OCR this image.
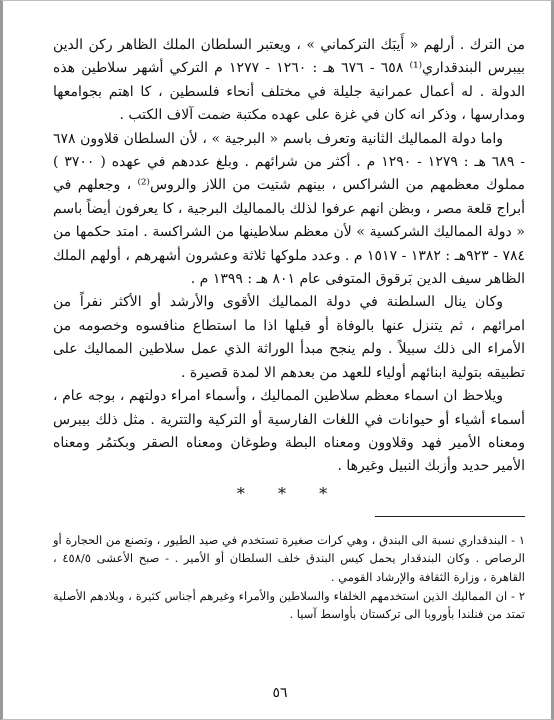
من الترك . أرلهم « أَيبَك التركماني » ، ويعتبر السلطان الملك الظاهر ركن الدين بيبرس البندقداري⁽¹⁾ ٦٥٨ - ٦٧٦ هـ : ١٢٦٠ - ١٢٧٧ م التركي أشهر سلاطين هذه الدولة . له أعمال عمرانية جليلة في مختلف أنحاء فلسطين ، كا اهتم بجوامعها ومدارسها ، وذكر انه كان في غزة على عهده مكتبة ضمت آلاف الكتب .

واما دولة المماليك الثانية وتعرف باسم « البرجية » ، لأن السلطان قلاوون ٦٧٨ - ٦٨٩ هـ : ١٢٧٩ - ١٢٩٠ م . أكثر من شرائهم . وبلغ عددهم في عهده ( ٣٧٠٠ ) مملوك معظمهم من الشراكس ، بينهم شتيت من اللاز والروس⁽²⁾ ، وجعلهم في أبراج قلعة مصر ، وبظن انهم عرفوا لذلك بالمماليك البرجية ، كا يعرفون أيضاً باسم « دولة المماليك الشركسية » لأن معظم سلاطينها من الشراكسة . امتد حكمها من ٧٨٤ - ٩٢٣هـ : ١٣٨٢ - ١٥١٧ م . وعدد ملوكها ثلاثة وعشرون أشهرهم ، أولهم الملك الظاهر سيف الدين بَرقوق المتوفى عام ٨٠١ هـ : ١٣٩٩ م .

وكان ينال السلطنة في دولة المماليك الأقوى والأرشد أو الأكثر نفراً من امرائهم ، ثم يتنزل عنها بالوفاة أو قبلها اذا ما استطاع منافسوه وخصومه من الأمراء الى ذلك سبيلاً . ولم ينجح مبدأ الوراثة الذي عمل سلاطين المماليك على تطبيقه بتولية ابنائهم أولياء للعهد من بعدهم الا لمدة قصيرة .

ويلاحظ ان اسماء معظم سلاطين المماليك ، وأسماء امراء دولتهم ، بوجه عام ، أسماء أشياء أو حيوانات في اللغات الفارسية أو التركية والتترية . مثل ذلك بيبرس ومعناه الأمير فهد وقلاوون ومعناه البطة وطوغان ومعناه الصقر وبكتمُر ومعناه الأمير حديد وأزبك النبيل وغيرها .

* * *

١ - البندقداري نسبة الى البندق ، وهي كرات صغيرة تستخدم في صيد الطيور ، وتصنع من الحجارة أو الرصاص . وكان البندقدار يحمل كيس البندق خلف السلطان أو الأمير . - صبح الأعشى ٤٥٨/٥ ، القاهرة ، وزارة الثقافة والإرشاد القومي .

٢ - ان المماليك الذين استخدمهم الخلفاء والسلاطين والأمراء وغيرهم أجناس كثيرة ، وبلادهم الأصلية تمتد من فنلندا بأوروبا الى تركستان بأواسط آسيا .

٥٦
